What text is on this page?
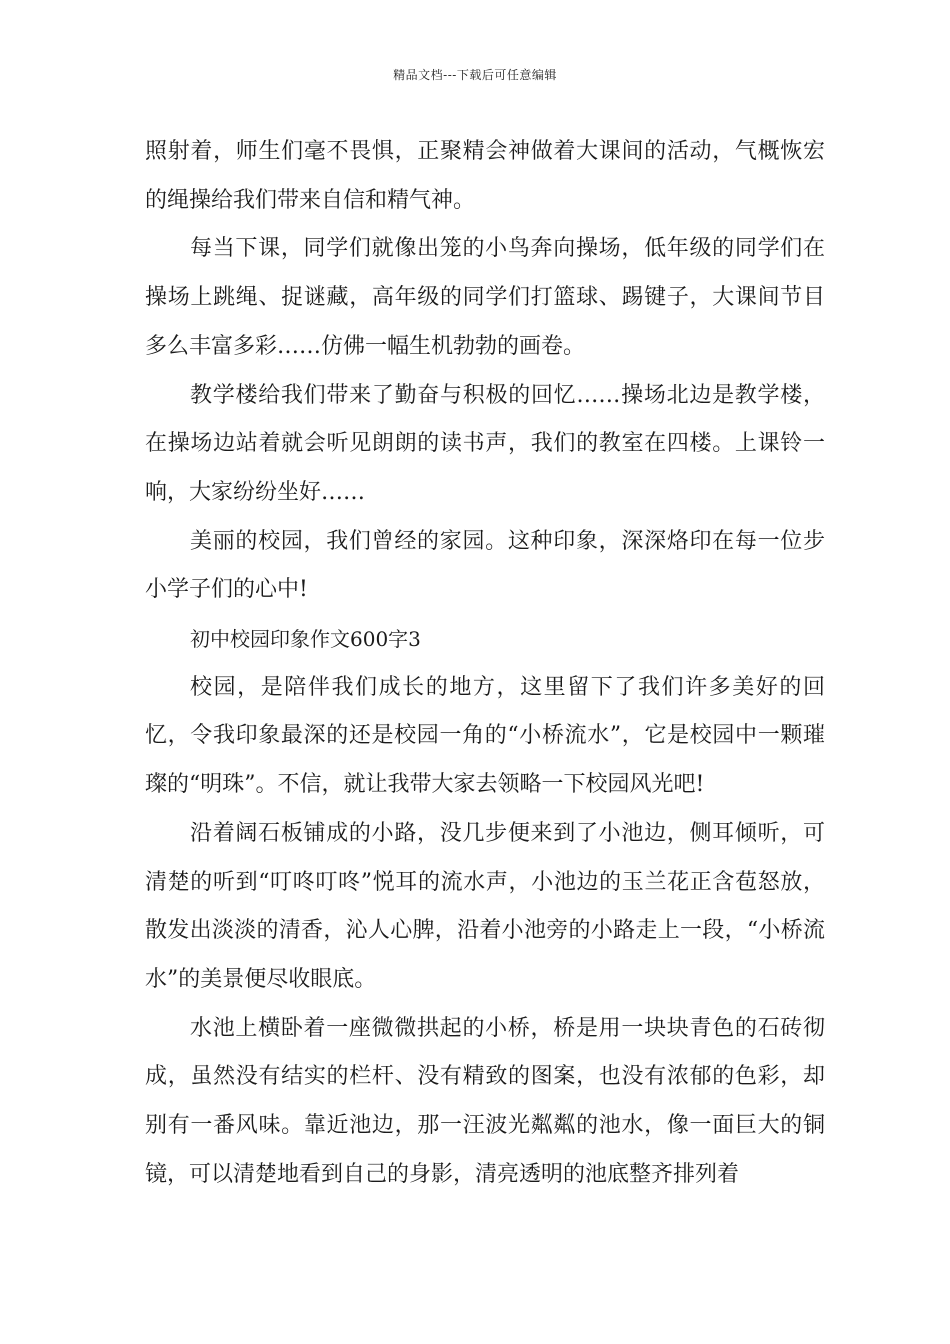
精品文档---下载后可任意编辑

照射着，师生们毫不畏惧，正聚精会神做着大课间的活动，气概恢宏的绳操给我们带来自信和精气神。

每当下课，同学们就像出笼的小鸟奔向操场，低年级的同学们在操场上跳绳、捉谜藏，高年级的同学们打篮球、踢键子，大课间节目多么丰富多彩……仿佛一幅生机勃勃的画卷。

教学楼给我们带来了勤奋与积极的回忆……操场北边是教学楼，在操场边站着就会听见朗朗的读书声，我们的教室在四楼。上课铃一响，大家纷纷坐好……

美丽的校园，我们曾经的家园。这种印象，深深烙印在每一位步小学子们的心中!

初中校园印象作文600字3

校园，是陪伴我们成长的地方，这里留下了我们许多美好的回忆，令我印象最深的还是校园一角的“小桥流水”，它是校园中一颗璀璨的“明珠”。不信，就让我带大家去领略一下校园风光吧!

沿着阔石板铺成的小路，没几步便来到了小池边，侧耳倾听，可清楚的听到“叮咚叮咚”悦耳的流水声，小池边的玉兰花正含苞怒放，散发出淡淡的清香，沁人心脾，沿着小池旁的小路走上一段，“小桥流水”的美景便尽收眼底。

水池上横卧着一座微微拱起的小桥，桥是用一块块青色的石砖彻成，虽然没有结实的栏杆、没有精致的图案，也没有浓郁的色彩，却别有一番风味。靠近池边，那一汪波光粼粼的池水，像一面巨大的铜镜，可以清楚地看到自己的身影，清亮透明的池底整齐排列着
